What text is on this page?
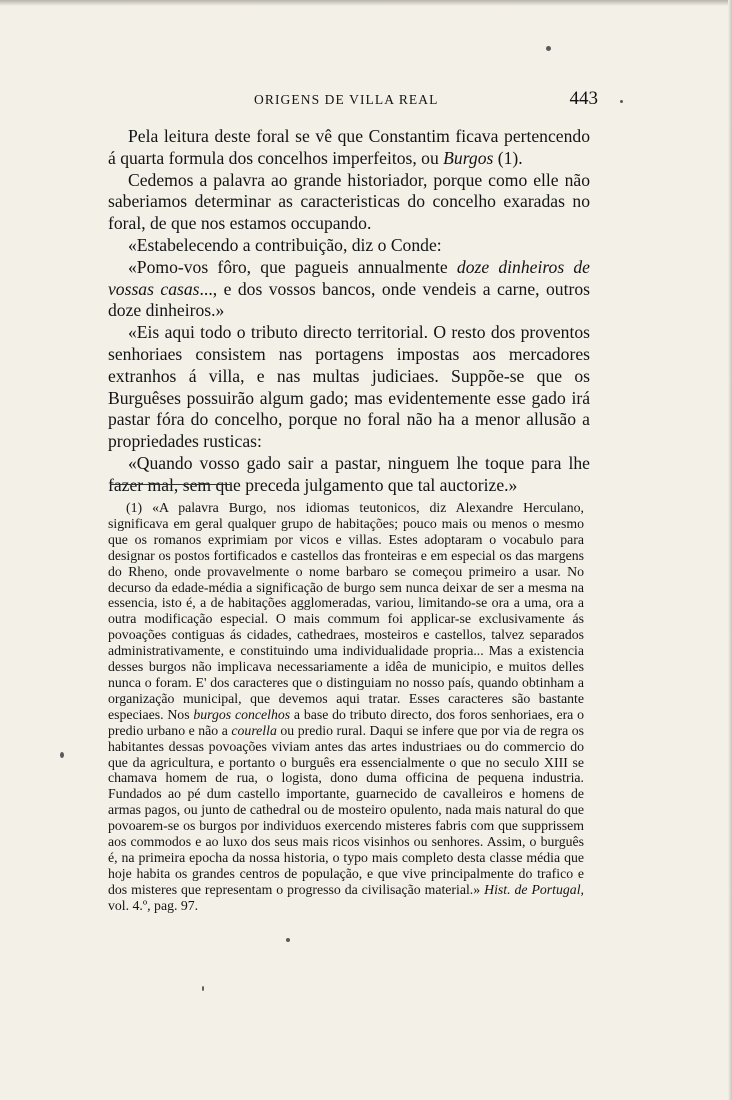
ORIGENS DE VILLA REAL	443

Pela leitura deste foral se vê que Constantim ficava pertencendo á quarta formula dos concelhos imperfeitos, ou Burgos (1).

Cedemos a palavra ao grande historiador, porque como elle não saberiamos determinar as caracteristicas do concelho exaradas no foral, de que nos estamos occupando.

«Estabelecendo a contribuição, diz o Conde:

«Pomo-vos fôro, que pagueis annualmente doze dinheiros de vossas casas..., e dos vossos bancos, onde vendeis a carne, outros doze dinheiros.»

«Eis aqui todo o tributo directo territorial. O resto dos proventos senhoriaes consistem nas portagens impostas aos mercadores extranhos á villa, e nas multas judiciaes. Suppõe-se que os Burguêses possuirão algum gado; mas evidentemente esse gado irá pastar fóra do concelho, porque no foral não ha a menor allusão a propriedades rusticas:

«Quando vosso gado sair a pastar, ninguem lhe toque para lhe fazer mal, sem que preceda julgamento que tal auctorize.»

(1) «A palavra Burgo, nos idiomas teutonicos, diz Alexandre Herculano, significava em geral qualquer grupo de habitações; pouco mais ou menos o mesmo que os romanos exprimiam por vicos e villas. Estes adoptaram o vocabulo para designar os postos fortificados e castellos das fronteiras e em especial os das margens do Rheno, onde provavelmente o nome barbaro se começou primeiro a usar. No decurso da edade-média a significação de burgo sem nunca deixar de ser a mesma na essencia, isto é, a de habitações agglomeradas, variou, limitando-se ora a uma, ora a outra modificação especial. O mais commum foi applicar-se exclusivamente ás povoações contiguas ás cidades, cathedraes, mosteiros e castellos, talvez separados administrativamente, e constituindo uma individualidade propria... Mas a existencia desses burgos não implicava necessariamente a idêa de municipio, e muitos delles nunca o foram. E' dos caracteres que o distinguiam no nosso país, quando obtinham a organização municipal, que devemos aqui tratar. Esses caracteres são bastante especiaes. Nos burgos concelhos a base do tributo directo, dos foros senhoriaes, era o predio urbano e não a courella ou predio rural. Daqui se infere que por via de regra os habitantes dessas povoações viviam antes das artes industriaes ou do commercio do que da agricultura, e portanto o burguês era essencialmente o que no seculo XIII se chamava homem de rua, o logista, dono duma officina de pequena industria. Fundados ao pé dum castello importante, guarnecido de cavalleiros e homens de armas pagos, ou junto de cathedral ou de mosteiro opulento, nada mais natural do que povoarem-se os burgos por individuos exercendo misteres fabris com que supprissem aos commodos e ao luxo dos seus mais ricos visinhos ou senhores. Assim, o burguês é, na primeira epocha da nossa historia, o typo mais completo desta classe média que hoje habita os grandes centros de população, e que vive principalmente do trafico e dos misteres que representam o progresso da civilisação material.» Hist. de Portugal, vol. 4.º, pag. 97.
